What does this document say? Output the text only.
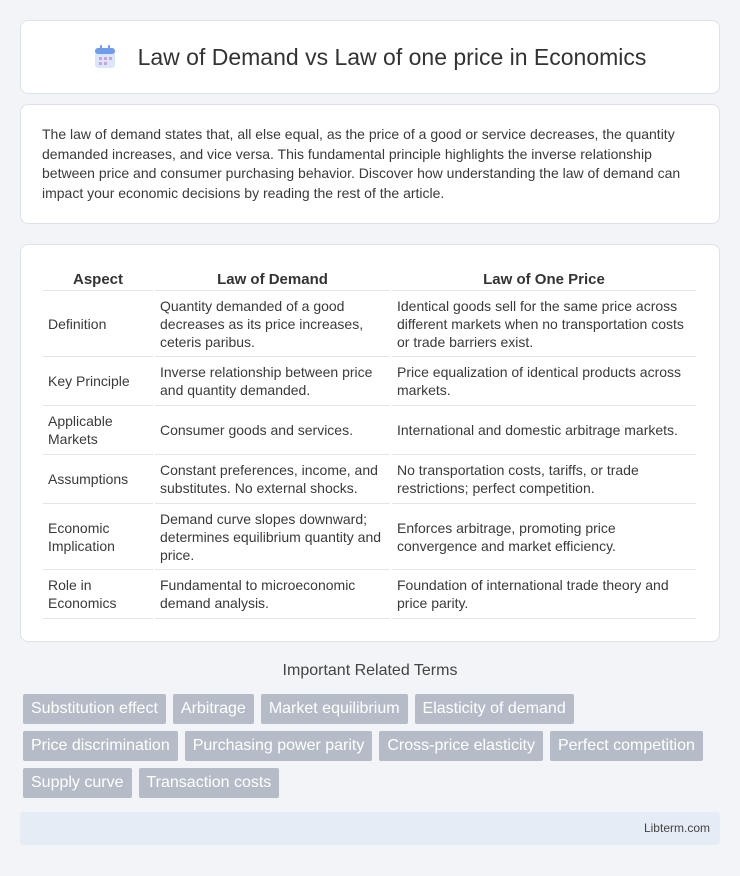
Law of Demand vs Law of one price in Economics

The law of demand states that, all else equal, as the price of a good or service decreases, the quantity demanded increases, and vice versa. This fundamental principle highlights the inverse relationship between price and consumer purchasing behavior. Discover how understanding the law of demand can impact your economic decisions by reading the rest of the article.

Aspect	Law of Demand	Law of One Price
Definition	Quantity demanded of a good decreases as its price increases, ceteris paribus.	Identical goods sell for the same price across different markets when no transportation costs or trade barriers exist.
Key Principle	Inverse relationship between price and quantity demanded.	Price equalization of identical products across markets.
Applicable Markets	Consumer goods and services.	International and domestic arbitrage markets.
Assumptions	Constant preferences, income, and substitutes. No external shocks.	No transportation costs, tariffs, or trade restrictions; perfect competition.
Economic Implication	Demand curve slopes downward; determines equilibrium quantity and price.	Enforces arbitrage, promoting price convergence and market efficiency.
Role in Economics	Fundamental to microeconomic demand analysis.	Foundation of international trade theory and price parity.
Important Related Terms
Substitution effect	Arbitrage	Market equilibrium	Elasticity of demand
Price discrimination	Purchasing power parity	Cross-price elasticity	Perfect competition
Supply curve	Transaction costs
Libterm.com
